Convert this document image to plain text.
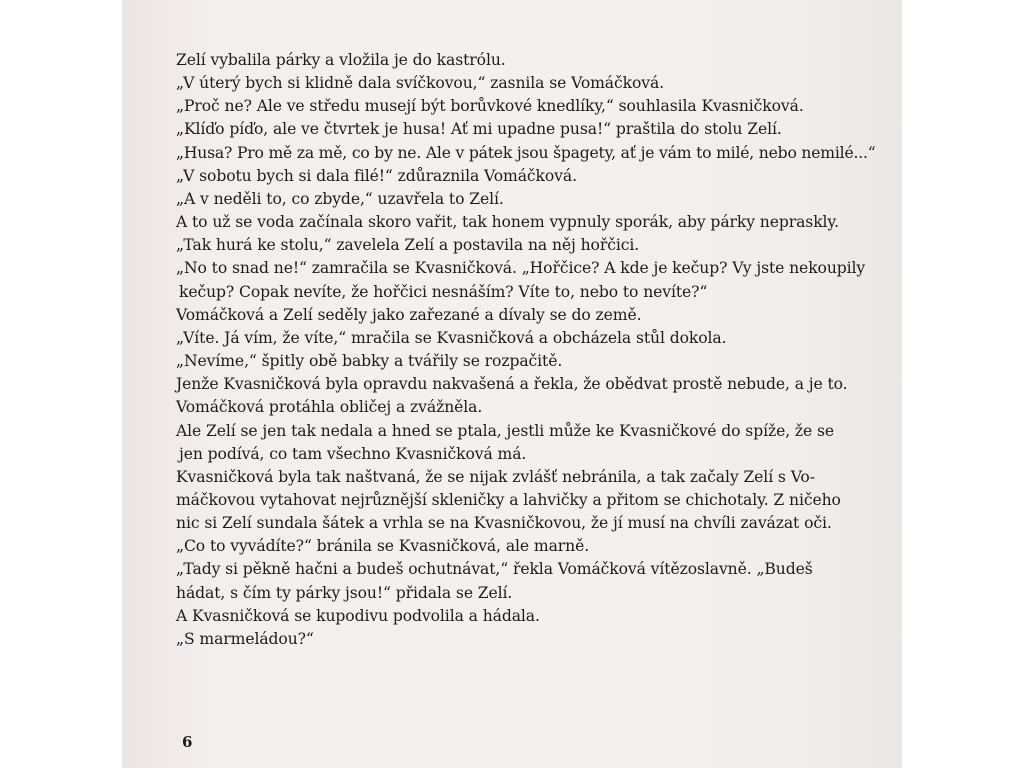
Zelí vybalila párky a vložila je do kastrólu.
„V úterý bych si klidně dala svíčkovou,“ zasnila se Vomáčková.
„Proč ne? Ale ve středu musejí být borůvkové knedlíky,“ souhlasila Kvasničková.
„Klíďo píďo, ale ve čtvrtek je husa! Ať mi upadne pusa!“ praštila do stolu Zelí.
„Husa? Pro mě za mě, co by ne. Ale v pátek jsou špagety, ať je vám to milé, nebo nemilé...“
„V sobotu bych si dala filé!“ zdůraznila Vomáčková.
„A v neděli to, co zbyde,“ uzavřela to Zelí.
A to už se voda začínala skoro vařit, tak honem vypnuly sporák, aby párky nepraskly.
„Tak hurá ke stolu,“ zavelela Zelí a postavila na něj hořčici.
„No to snad ne!“ zamračila se Kvasničková. „Hořčice? A kde je kečup? Vy jste nekoupily
kečup? Copak nevíte, že hořčici nesnáším? Víte to, nebo to nevíte?“
Vomáčková a Zelí seděly jako zařezané a dívaly se do země.
„Víte. Já vím, že víte,“ mračila se Kvasničková a obcházela stůl dokola.
„Nevíme,“ špitly obě babky a tvářily se rozpačitě.
Jenže Kvasničková byla opravdu nakvašená a řekla, že obědvat prostě nebude, a je to.
Vomáčková protáhla obličej a zvážněla.
Ale Zelí se jen tak nedala a hned se ptala, jestli může ke Kvasničkové do spíže, že se
jen podívá, co tam všechno Kvasničková má.
Kvasničková byla tak naštvaná, že se nijak zvlášť nebránila, a tak začaly Zelí s Vo-
máčkovou vytahovat nejrůznější skleničky a lahvičky a přitom se chichotaly. Z ničeho
nic si Zelí sundala šátek a vrhla se na Kvasničkovou, že jí musí na chvíli zavázat oči.
„Co to vyvádíte?“ bránila se Kvasničková, ale marně.
„Tady si pěkně hačni a budeš ochutnávat,“ řekla Vomáčková vítězoslavně. „Budeš
hádat, s čím ty párky jsou!“ přidala se Zelí.
A Kvasničková se kupodivu podvolila a hádala.
„S marmeládou?“
6
